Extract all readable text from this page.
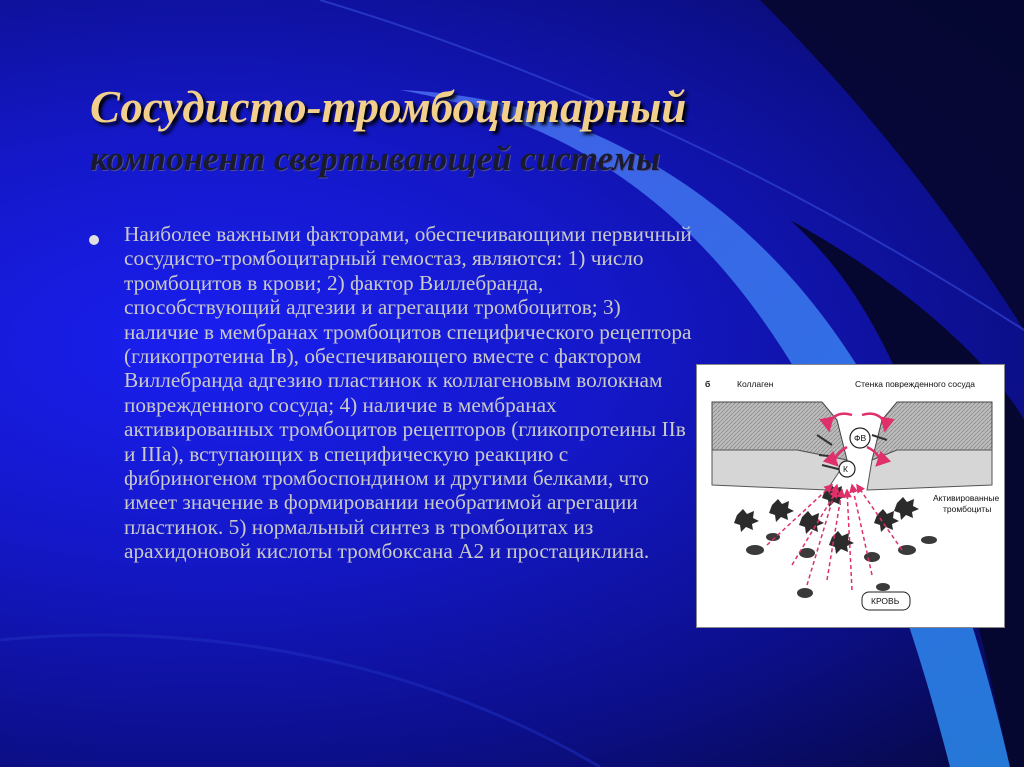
Сосудисто-тромбоцитарный
компонент свертывающей системы

Наиболее важными факторами, обеспечивающими первичный сосудисто-тромбоцитарный гемостаз, являются: 1) число тромбоцитов в крови; 2) фактор Виллебранда, способствующий адгезии и агрегации тромбоцитов; 3) наличие в мембранах тромбоцитов специфического рецептора (гликопротеина Iв), обеспечивающего вместе с фактором Виллебранда адгезию пластинок к коллагеновым волокнам поврежденного сосуда; 4) наличие в мембранах активированных тромбоцитов рецепторов (гликопротеины IIв и IIIа), вступающих в специфическую реакцию с фибриногеном тромбоспондином и другими белками, что имеет значение в формировании необратимой агрегации пластинок. 5) нормальный синтез в тромбоцитах из арахидоновой кислоты тромбоксана А2 и простациклина.

б	Коллаген	Стенка поврежденного сосуда
ФВ
К
Активированные
тромбоциты
КРОВЬ
